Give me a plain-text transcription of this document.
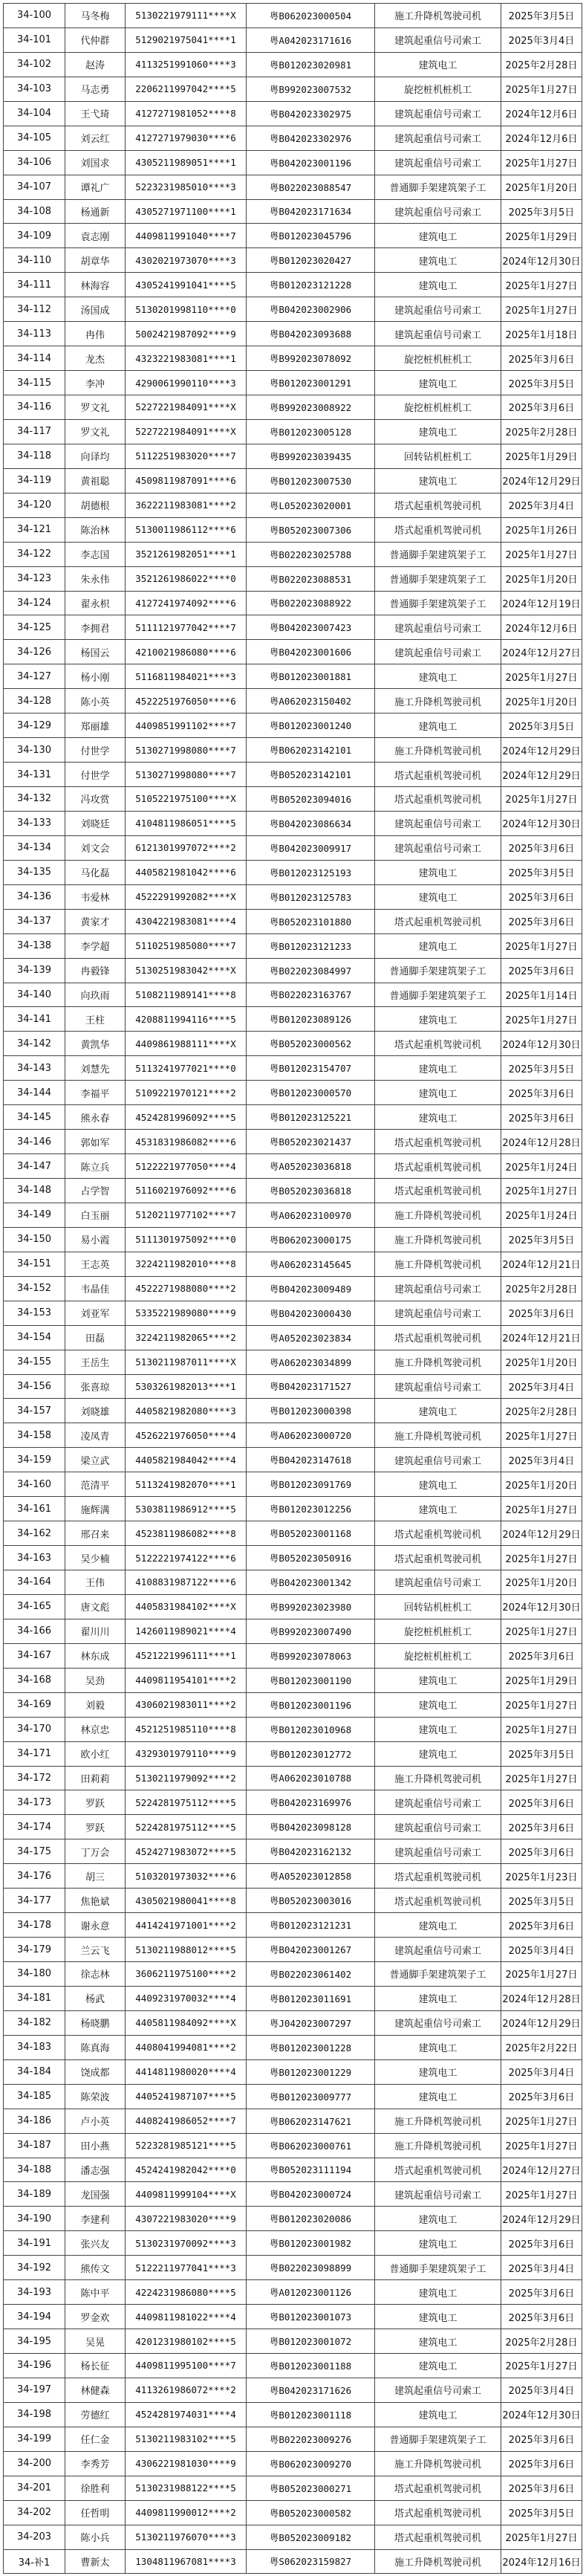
34-100	马冬梅	5130221979111****X	粤B062023000504	施工升降机驾驶司机	2025年3月5日
34-101	代仲群	5129021975041****1	粤A042023171616	建筑起重信号司索工	2025年3月4日
34-102	赵涛	4113251991060****3	粤B012023020981	建筑电工	2025年2月28日
34-103	马志勇	2206211997042****5	粤B992023007532	旋挖桩机桩机工	2025年1月27日
34-104	王弋琦	4127271981052****8	粤B042023302975	建筑起重信号司索工	2024年12月6日
34-105	刘云红	4127271979030****6	粤B042023302976	建筑起重信号司索工	2024年12月6日
34-106	刘国求	4305211989051****1	粤B042023001196	建筑起重信号司索工	2025年1月27日
34-107	谭礼广	5223231985010****3	粤B022023088547	普通脚手架建筑架子工	2025年1月20日
34-108	杨通新	4305271971100****1	粤B042023171634	建筑起重信号司索工	2025年3月5日
34-109	袁志刚	4409811991040****7	粤B012023045796	建筑电工	2025年1月29日
34-110	胡章华	4302021973070****3	粤B012023020427	建筑电工	2024年12月30日
34-111	林海容	4305241991041****5	粤B012023121228	建筑电工	2025年1月27日
34-112	汤国成	5130201998110****0	粤B042023002906	建筑起重信号司索工	2025年1月27日
34-113	冉伟	5002421987092****9	粤B042023093688	建筑起重信号司索工	2025年1月18日
34-114	龙杰	4323221983081****1	粤B992023078092	旋挖桩机桩机工	2025年3月6日
34-115	李冲	4290061990110****3	粤B012023001291	建筑电工	2025年3月5日
34-116	罗文礼	5227221984091****X	粤B992023008922	旋挖桩机桩机工	2025年3月6日
34-117	罗文礼	5227221984091****X	粤B012023005128	建筑电工	2025年2月28日
34-118	向译均	5112251983020****7	粤B992023039435	回转钻机桩机工	2025年1月29日
34-119	黄祖聪	4509811987091****6	粤B012023007530	建筑电工	2024年12月29日
34-120	胡德根	3622211983081****2	粤L052023020001	塔式起重机驾驶司机	2025年3月4日
34-121	陈治林	5130011986112****6	粤B052023007306	塔式起重机驾驶司机	2025年1月26日
34-122	李志国	3521261982051****1	粤B022023025788	普通脚手架建筑架子工	2025年1月27日
34-123	朱永伟	3521261986022****0	粤B022023088531	普通脚手架建筑架子工	2025年1月20日
34-124	翟永枳	4127241974092****6	粤B022023088922	普通脚手架建筑架子工	2024年12月19日
34-125	李拥君	5111121977042****7	粤B042023007423	建筑起重信号司索工	2024年12月6日
34-126	杨国云	4210021986080****6	粤B042023001606	建筑起重信号司索工	2024年12月27日
34-127	杨小刚	5116811984021****3	粤B012023001881	建筑电工	2025年1月27日
34-128	陈小英	4522251976050****6	粤A062023150402	施工升降机驾驶司机	2025年1月20日
34-129	郑丽雄	4409851991102****7	粤B012023001240	建筑电工	2025年3月5日
34-130	付世学	5130271998080****7	粤B062023142101	施工升降机驾驶司机	2024年12月29日
34-131	付世学	5130271998080****7	粤B052023142101	塔式起重机驾驶司机	2024年12月29日
34-132	冯攻赏	5105221975100****X	粤B052023094016	塔式起重机驾驶司机	2025年1月27日
34-133	刘晓廷	4104811986051****5	粤B042023086634	建筑起重信号司索工	2024年12月30日
34-134	刘文会	6121301997072****2	粤B042023009917	建筑起重信号司索工	2025年3月6日
34-135	马化磊	4405821981042****6	粤B012023125193	建筑电工	2025年3月5日
34-136	韦爱林	4522291992082****X	粤B012023125783	建筑电工	2025年3月6日
34-137	黄家才	4304221983081****4	粤B052023101880	塔式起重机驾驶司机	2025年3月6日
34-138	李学超	5110251985080****7	粤B012023121233	建筑电工	2025年1月27日
34-139	冉毅锋	5130251983042****X	粤B022023084997	普通脚手架建筑架子工	2025年3月6日
34-140	向玖雨	5108211989141****8	粤B022023163767	普通脚手架建筑架子工	2025年1月14日
34-141	王柱	4208811994116****5	粤B012023089126	建筑电工	2025年1月27日
34-142	黄凯华	4409861988111****X	粤B052023000562	塔式起重机驾驶司机	2024年12月30日
34-143	刘慧先	5113241977021****0	粤B012023154707	建筑电工	2025年3月5日
34-144	李福平	5109221970121****2	粤B012023000570	建筑电工	2025年3月6日
34-145	熊永春	4524281996092****5	粤B012023125221	建筑电工	2025年3月6日
34-146	郭如军	4531831986082****6	粤B052023021437	塔式起重机驾驶司机	2024年12月28日
34-147	陈立兵	5122221977050****4	粤A052023036818	塔式起重机驾驶司机	2025年1月24日
34-148	占学智	5116021976092****6	粤B052023036818	塔式起重机驾驶司机	2025年1月27日
34-149	白玉丽	5120211977102****7	粤A062023100970	施工升降机驾驶司机	2025年1月24日
34-150	易小霞	5111301975092****0	粤B062023000175	施工升降机驾驶司机	2025年3月5日
34-151	王志英	3224211982010****8	粤A062023145645	施工升降机驾驶司机	2024年12月21日
34-152	韦晶佳	4522271988080****2	粤B042023009489	建筑起重信号司索工	2025年2月28日
34-153	刘亚军	5335221989080****9	粤B042023000430	建筑起重信号司索工	2025年3月6日
34-154	田磊	3224211982065****2	粤A052023023834	塔式起重机驾驶司机	2024年12月21日
34-155	王岳生	5130211987011****X	粤A062023034899	施工升降机驾驶司机	2025年1月20日
34-156	张喜琼	5303261982013****1	粤B042023171527	建筑起重信号司索工	2025年3月4日
34-157	刘晓雄	4405821982080****3	粤B012023000398	建筑电工	2025年2月28日
34-158	凌凤青	4526221976050****4	粤A062023000720	施工升降机驾驶司机	2025年1月27日
34-159	梁立武	4405821984042****4	粤B042023147618	建筑起重信号司索工	2025年3月4日
34-160	范清平	5113241982070****1	粤B012023091769	建筑电工	2025年1月20日
34-161	施辉满	5303811986912****5	粤B012023012256	建筑电工	2025年1月27日
34-162	邢召来	4523811986082****8	粤B052023001168	塔式起重机驾驶司机	2024年12月29日
34-163	吴少楠	5122221974122****6	粤B052023050916	塔式起重机驾驶司机	2025年1月27日
34-164	王伟	4108831987122****6	粤B042023001342	建筑起重信号司索工	2025年1月20日
34-165	唐文彪	4405831984102****X	粤B992023023980	回转钻机桩机工	2024年12月30日
34-166	翟川川	1426011989021****4	粤B992023007490	旋挖桩机桩机工	2025年1月27日
34-167	林东成	4521221996111****1	粤B992023078063	旋挖桩机桩机工	2025年3月6日
34-168	吴劲	4409811954101****2	粤B012023001190	建筑电工	2025年1月29日
34-169	刘毅	4306021983011****2	粤B012023001196	建筑电工	2025年1月27日
34-170	林京忠	4521251985110****8	粤B012023010968	建筑电工	2025年1月27日
34-171	欧小红	4329301979110****9	粤B012023012772	建筑电工	2025年3月5日
34-172	田莉莉	5130211979092****2	粤A062023010788	施工升降机驾驶司机	2025年1月27日
34-173	罗跃	5224281975112****5	粤B042023169976	建筑起重信号司索工	2025年3月6日
34-174	罗跃	5224281975112****5	粤B042023098128	建筑起重信号司索工	2025年3月6日
34-175	丁万会	4524271983072****5	粤B042023162132	建筑起重信号司索工	2025年3月6日
34-176	胡三	5103201973032****6	粤A052023012858	塔式起重机驾驶司机	2025年1月23日
34-177	焦艳斌	4305021980041****8	粤B052023003016	塔式起重机驾驶司机	2025年3月5日
34-178	谢永意	4414241971001****2	粤B012023121231	建筑电工	2025年3月6日
34-179	兰云飞	5130211988012****5	粤B042023001267	建筑起重信号司索工	2025年3月4日
34-180	徐志林	3606211975100****2	粤B022023061402	普通脚手架建筑架子工	2025年1月27日
34-181	杨武	4409231970032****4	粤B012023011691	建筑电工	2024年12月28日
34-182	杨晓鹏	4405811984092****X	粤J042023007297	建筑起重信号司索工	2024年12月29日
34-183	陈真海	4408041994081****2	粤B012023001228	建筑电工	2025年2月22日
34-184	饶成都	4414811980020****4	粤B012023001229	建筑电工	2025年3月4日
34-185	陈荣波	4405241987107****5	粤B012023009777	建筑电工	2025年3月6日
34-186	卢小英	4408241986052****7	粤B062023147621	施工升降机驾驶司机	2025年1月27日
34-187	田小燕	5223281985121****5	粤B062023000761	施工升降机驾驶司机	2025年1月27日
34-188	潘志强	4524241982042****0	粤B052023111194	塔式起重机驾驶司机	2024年12月27日
34-189	龙国强	4409811999104****X	粤B042023000724	建筑起重信号司索工	2025年1月27日
34-190	李建利	4307221983020****9	粤B012023020086	建筑电工	2024年12月29日
34-191	张兴友	5130231970092****3	粤B012023001982	建筑电工	2025年3月6日
34-192	熊传文	5122211977041****3	粤B022023098899	普通脚手架建筑架子工	2025年3月4日
34-193	陈中平	4224231986080****5	粤A012023001126	建筑电工	2025年3月6日
34-194	罗金欢	4409811981022****4	粤B012023001073	建筑电工	2025年3月6日
34-195	吴晃	4201231980102****5	粤B012023001072	建筑电工	2025年2月28日
34-196	杨长征	4409811995100****7	粤B012023001188	建筑电工	2025年1月27日
34-197	林健森	4113261986072****2	粤B042023171626	建筑起重信号司索工	2025年3月4日
34-198	劳德红	4524281974031****4	粤B012023001118	建筑电工	2024年12月30日
34-199	任仁金	5130211983102****5	粤B022023009276	普通脚手架建筑架子工	2025年3月6日
34-200	李秀芳	4306221981030****9	粤B062023009270	施工升降机驾驶司机	2025年3月6日
34-201	徐胜利	5130231988122****5	粤B052023000271	塔式起重机驾驶司机	2025年3月6日
34-202	任哲明	4409811990012****2	粤B052023000582	塔式起重机驾驶司机	2025年3月5日
34-203	陈小兵	5130211976070****3	粤B052023009182	塔式起重机驾驶司机	2025年1月27日
34-补1	曹新太	1304811967081****3	粤S062023159827	施工升降机驾驶司机	2024年12月16日
